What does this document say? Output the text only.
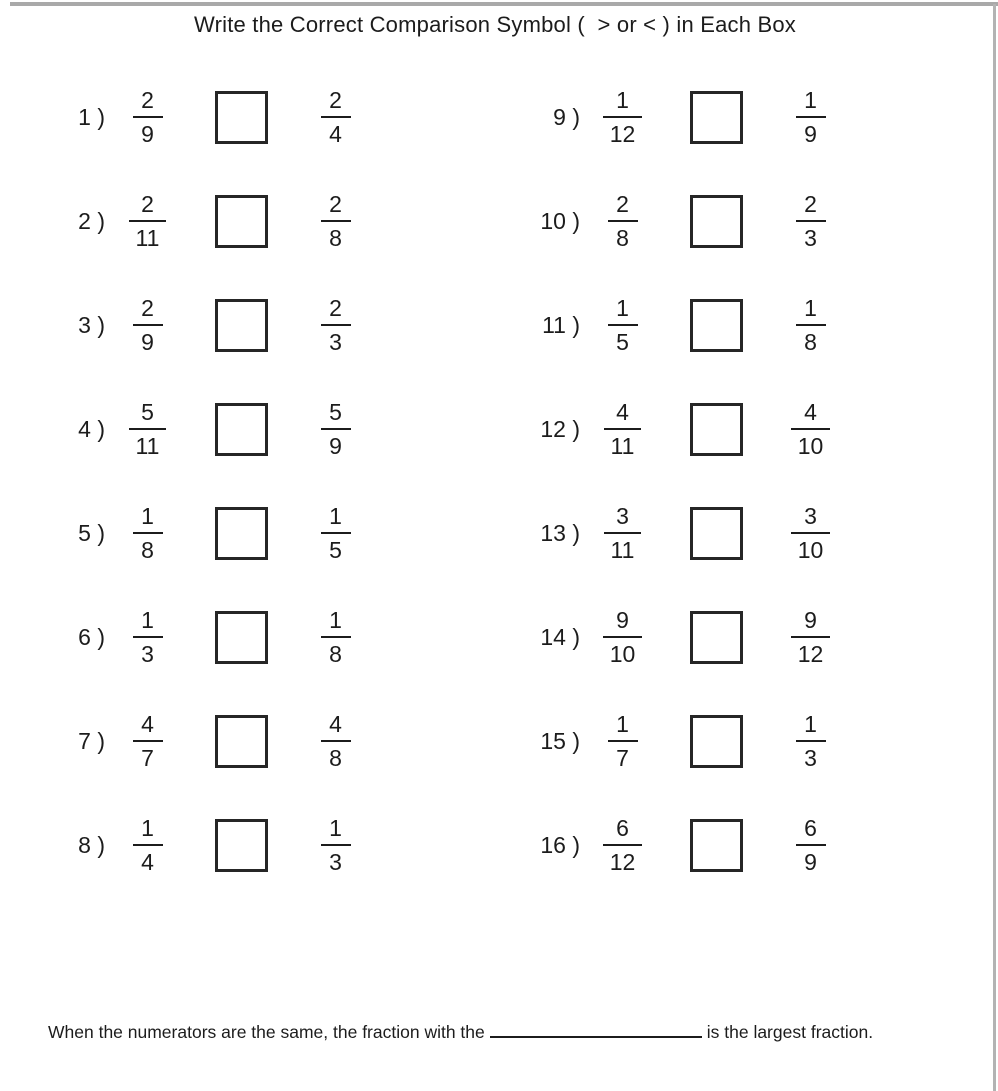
Write the Correct Comparison Symbol (  > or < ) in Each Box
1 ) $\frac{2}{9}$	$\frac{2}{4}$
2 ) $\frac{2}{11}$	$\frac{2}{8}$
3 ) $\frac{2}{9}$	$\frac{2}{3}$
4 ) $\frac{5}{11}$	$\frac{5}{9}$
5 ) $\frac{1}{8}$	$\frac{1}{5}$
6 ) $\frac{1}{3}$	$\frac{1}{8}$
7 ) $\frac{4}{7}$	$\frac{4}{8}$
8 ) $\frac{1}{4}$	$\frac{1}{3}$
9 ) $\frac{1}{12}$	$\frac{1}{9}$
10 ) $\frac{2}{8}$	$\frac{2}{3}$
11 ) $\frac{1}{5}$	$\frac{1}{8}$
12 ) $\frac{4}{11}$	$\frac{4}{10}$
13 ) $\frac{3}{11}$	$\frac{3}{10}$
14 ) $\frac{9}{10}$	$\frac{9}{12}$
15 ) $\frac{1}{7}$	$\frac{1}{3}$
16 ) $\frac{6}{12}$	$\frac{6}{9}$
When the numerators are the same, the fraction with the	is the largest fraction.
